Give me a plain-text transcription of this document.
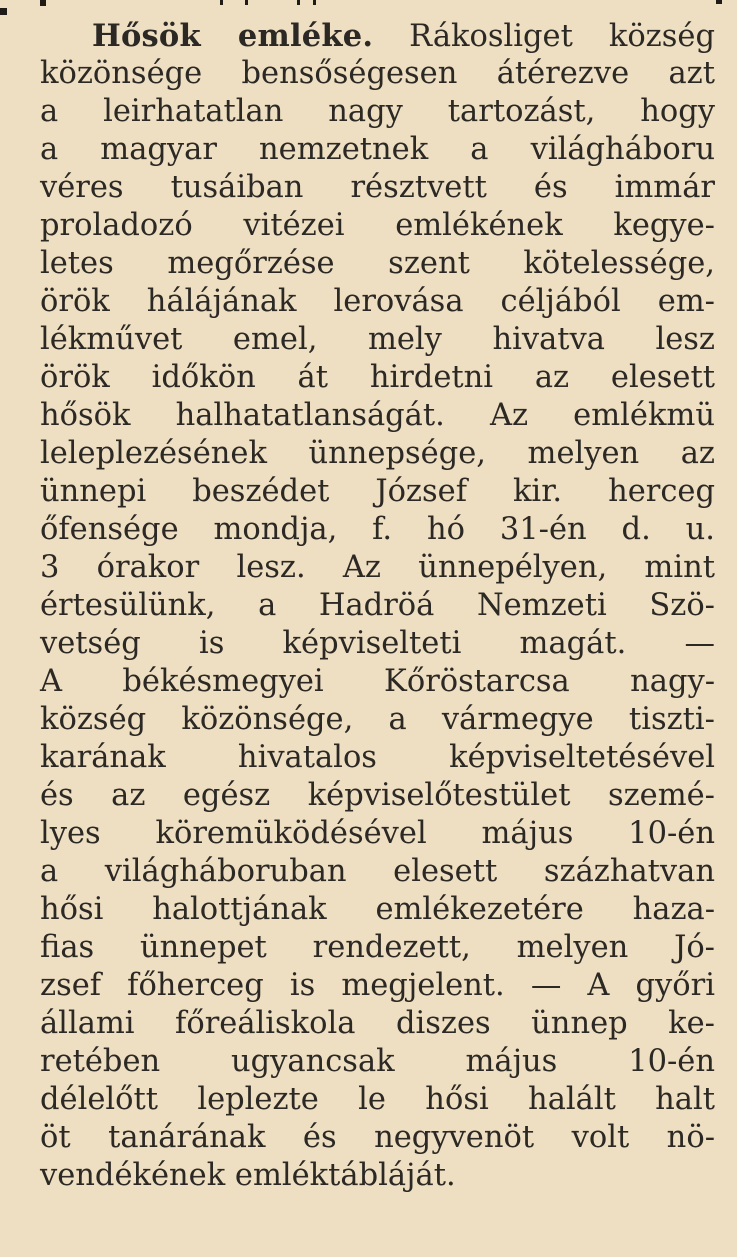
Hősök emléke. Rákosliget község
közönsége bensőségesen átérezve azt
a leirhatatlan nagy tartozást, hogy
a magyar nemzetnek a világháboru
véres tusáiban résztvett és immár
proladozó vitézei emlékének kegye-
letes megőrzése szent kötelessége,
örök hálájának lerovása céljából em-
lékművet emel, mely hivatva lesz
örök időkön át hirdetni az elesett
hősök halhatatlanságát. Az emlékmü
leleplezésének ünnepsége, melyen az
ünnepi beszédet József kir. herceg
őfensége mondja, f. hó 31-én d. u.
3 órakor lesz. Az ünnepélyen, mint
értesülünk, a Hadröá Nemzeti Szö-
vetség is képviselteti magát. —
A békésmegyei Kőröstarcsa nagy-
község közönsége, a vármegye tiszti-
karának hivatalos képviseltetésével
és az egész képviselőtestület szemé-
lyes köremüködésével május 10-én
a világháboruban elesett százhatvan
hősi halottjának emlékezetére haza-
fias ünnepet rendezett, melyen Jó-
zsef főherceg is megjelent. — A győri
állami főreáliskola diszes ünnep ke-
retében ugyancsak május 10-én
délelőtt leplezte le hősi halált halt
öt tanárának és negyvenöt volt nö-
vendékének emléktábláját.
